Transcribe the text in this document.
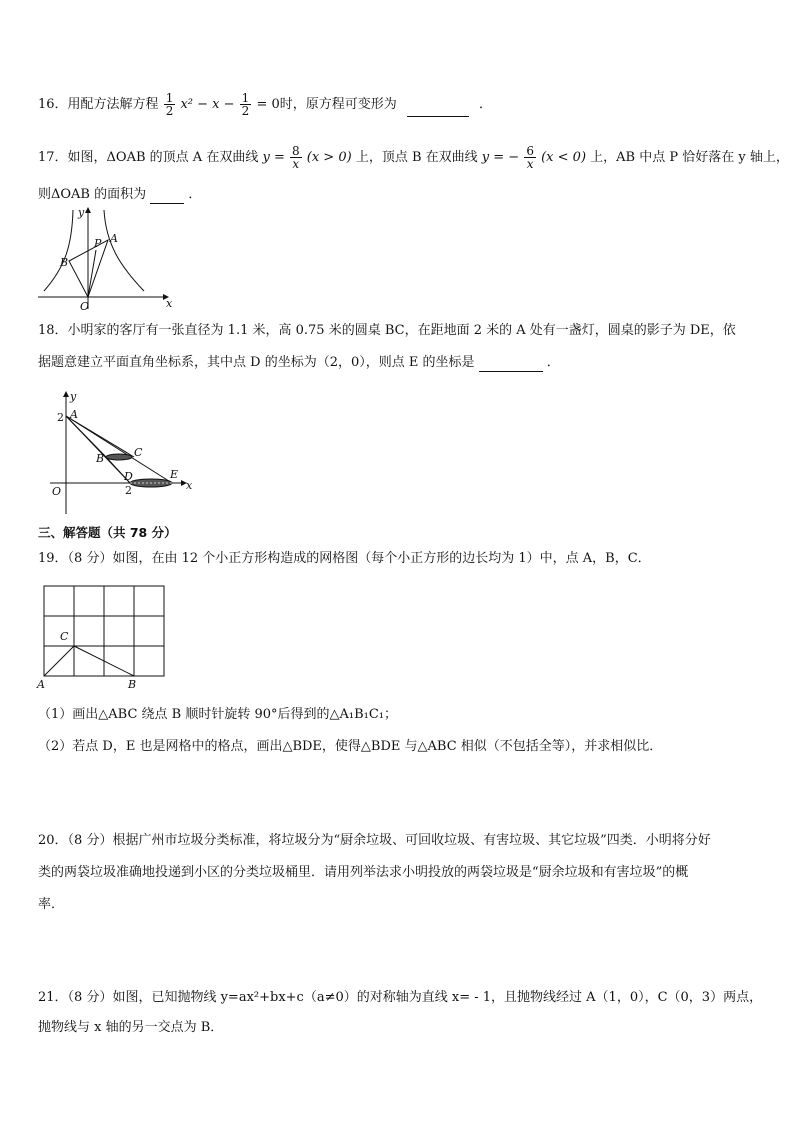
16．用配方法解方程 $\frac{1}{2} x^2 - x - \frac{1}{2} = 0$时，原方程可变形为	．
17．如图，ΔOAB 的顶点 A 在双曲线 $y = \frac{8}{x} (x > 0)$ 上，顶点 B 在双曲线 y = − $\frac{6}{x} (x < 0)$ 上，AB 中点 P 恰好落在 y 轴上，
则ΔOAB 的面积为	．
y
x
O
A
B
P
18．小明家的客厅有一张直径为 1.1 米，高 0.75 米的圆桌 BC，在距地面 2 米的 A 处有一盏灯，圆桌的影子为 DE，依
据题意建立平面直角坐标系，其中点 D 的坐标为（2，0），则点 E 的坐标是	．
y
x
O
A
B	C
D	E
2
2
三、解答题（共 78 分）
19．（8 分）如图，在由 12 个小正方形构造成的网格图（每个小正方形的边长均为 1）中，点 A，B，C．
A	B
C
（1）画出△ABC 绕点 B 顺时针旋转 90°后得到的△A₁B₁C₁；
（2）若点 D，E 也是网格中的格点，画出△BDE，使得△BDE 与△ABC 相似（不包括全等），并求相似比．
20．（8 分）根据广州市垃圾分类标准，将垃圾分为“厨余垃圾、可回收垃圾、有害垃圾、其它垃圾”四类．小明将分好
类的两袋垃圾准确地投递到小区的分类垃圾桶里．请用列举法求小明投放的两袋垃圾是“厨余垃圾和有害垃圾”的概
率．
21．（8 分）如图，已知抛物线 y=ax²+bx+c（a≠0）的对称轴为直线 x= - 1，且抛物线经过 A（1，0），C（0，3）两点，
抛物线与 x 轴的另一交点为 B．
